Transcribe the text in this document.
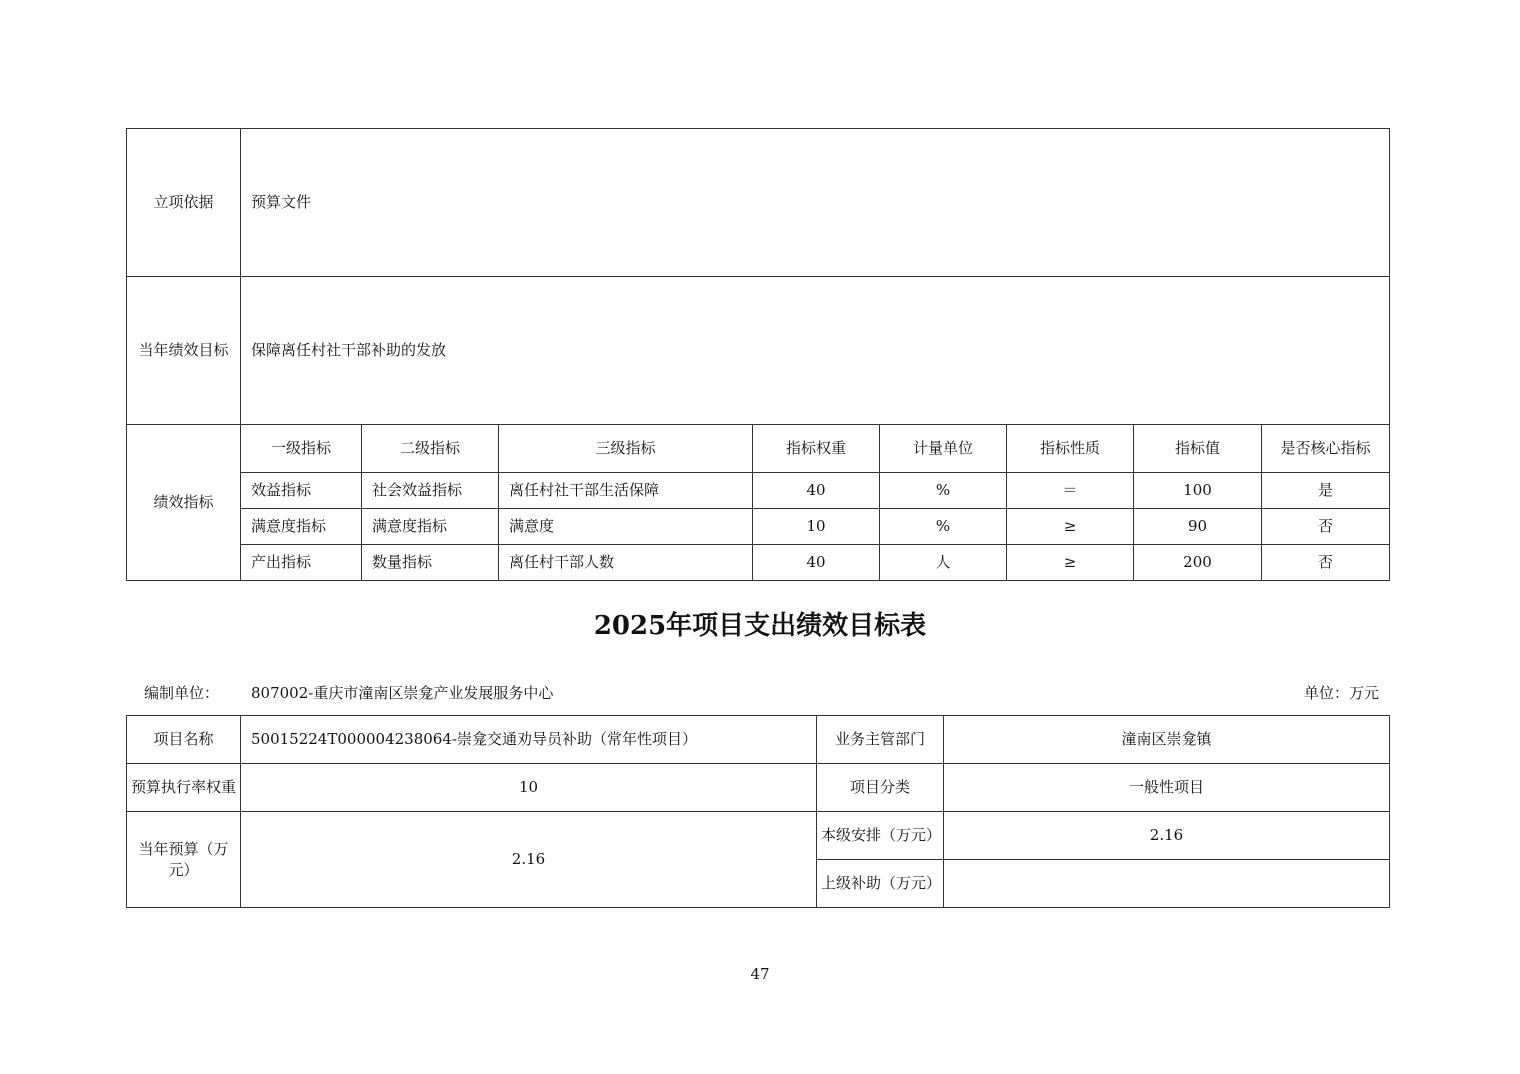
立项依据	预算文件							
当年绩效目标	保障离任村社干部补助的发放							
绩效指标	一级指标	二级指标	三级指标	指标权重	计量单位	指标性质	指标值	是否核心指标
	效益指标	社会效益指标	离任村社干部生活保障	40	%	＝	100	是
	满意度指标	满意度指标	满意度	10	%	≥	90	否
	产出指标	数量指标	离任村干部人数	40	人	≥	200	否
2025年项目支出绩效目标表
编制单位： 807002-重庆市潼南区崇龛产业发展服务中心	单位：万元
项目名称	50015224T000004238064-崇龛交通劝导员补助（常年性项目）	业务主管部门	潼南区崇龛镇
预算执行率权重	10	项目分类	一般性项目
当年预算（万元）	2.16	本级安排（万元）	2.16
		上级补助（万元）	
47
